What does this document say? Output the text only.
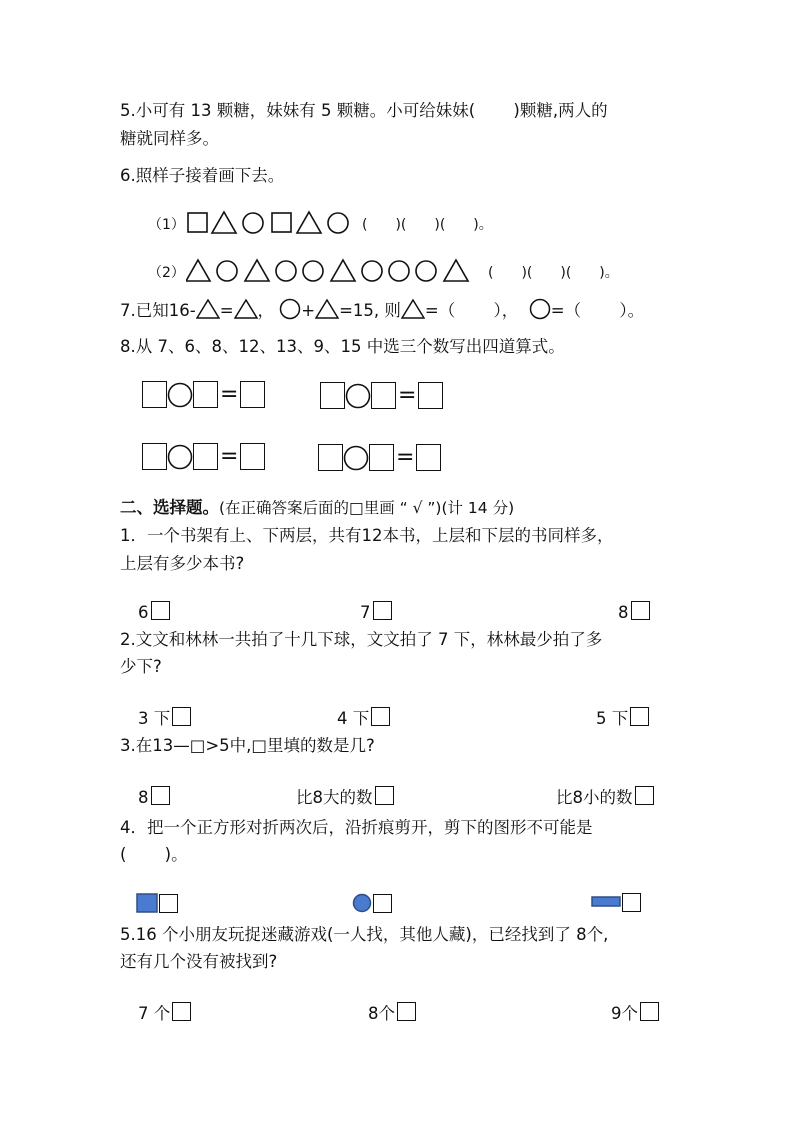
5.小可有 13 颗糖，妹妹有 5 颗糖。小可给妹妹(　　 )颗糖,两人的
糖就同样多。
6.照样子接着画下去。
（1）	(　　)(　　)(　　)。
（2）	(　　)(　　)(　　)。
7.已知16- = ， + =15, 则 =（　　 ）， =（　　 ）。
8.从 7、6、8、12、13、9、15 中选三个数写出四道算式。
=	=
=	=
二、选择题。(在正确答案后面的□里画 “ √ ”)(计 14 分)
1．一个书架有上、下两层，共有12本书，上层和下层的书同样多，
上层有多少本书?
6	7	8
2.文文和林林一共拍了十几下球，文文拍了 7 下，林林最少拍了多
少下?
3 下	4 下	5 下
3.在13—□>5中,□里填的数是几?
8	比8大的数	比8小的数
4．把一个正方形对折两次后，沿折痕剪开，剪下的图形不可能是
(　　 )。
5.16 个小朋友玩捉迷藏游戏(一人找，其他人藏)，已经找到了 8个,
还有几个没有被找到?
7 个	8个	9个
